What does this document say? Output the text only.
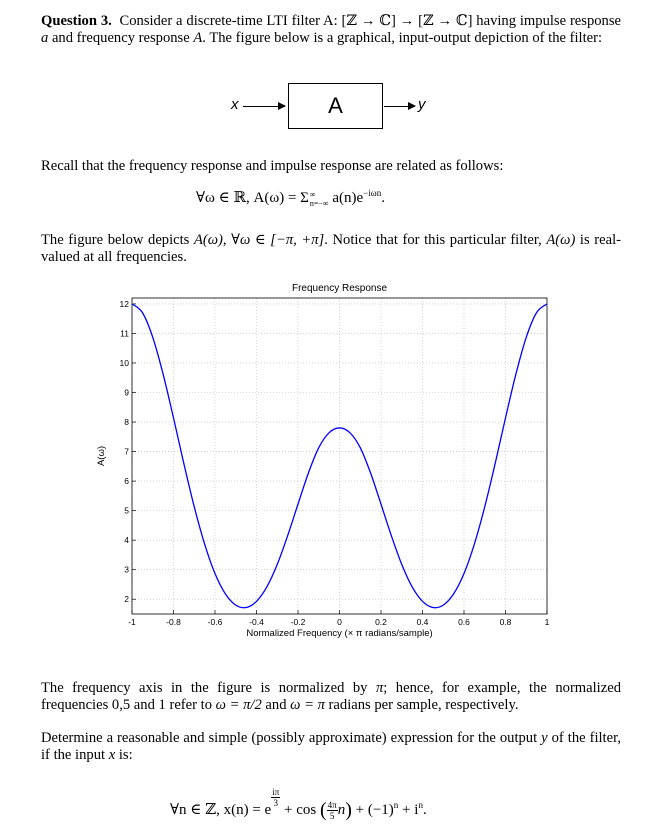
Question 3. Consider a discrete-time LTI filter A: [ℤ → ℂ] → [ℤ → ℂ] having impulse response a and frequency response A. The figure below is a graphical, input-output depiction of the filter:

x	A	y

Recall that the frequency response and impulse response are related as follows:

∀ω ∈ ℝ, A(ω) = Σ ∞
n=−∞ $a(n)e^{-i\omega n}$.

The figure below depicts A(ω), ∀ω ∈ [−π, +π]. Notice that for this particular filter, A(ω) is real-valued at all frequencies.

-1	-0.8	-0.6	-0.4	-0.2	0	0.2	0.4	0.6	0.8	1
2
3
4
5
6
7
8
9
10
11
12
Frequency Response
Normalized Frequency (× π radians/sample)
A(ω)

The frequency axis in the figure is normalized by π; hence, for example, the normalized frequencies 0,5 and 1 refer to ω = π/2 and ω = π radians per sample, respectively.

Determine a reasonable and simple (possibly approximate) expression for the output y of the filter, if the input x is:

∀n ∈ ℤ, x(n) = e
$\frac{i\pi}{3}$
+ cos ( $\frac{4\pi}{5} n) + (-1)^n + i^n$.
